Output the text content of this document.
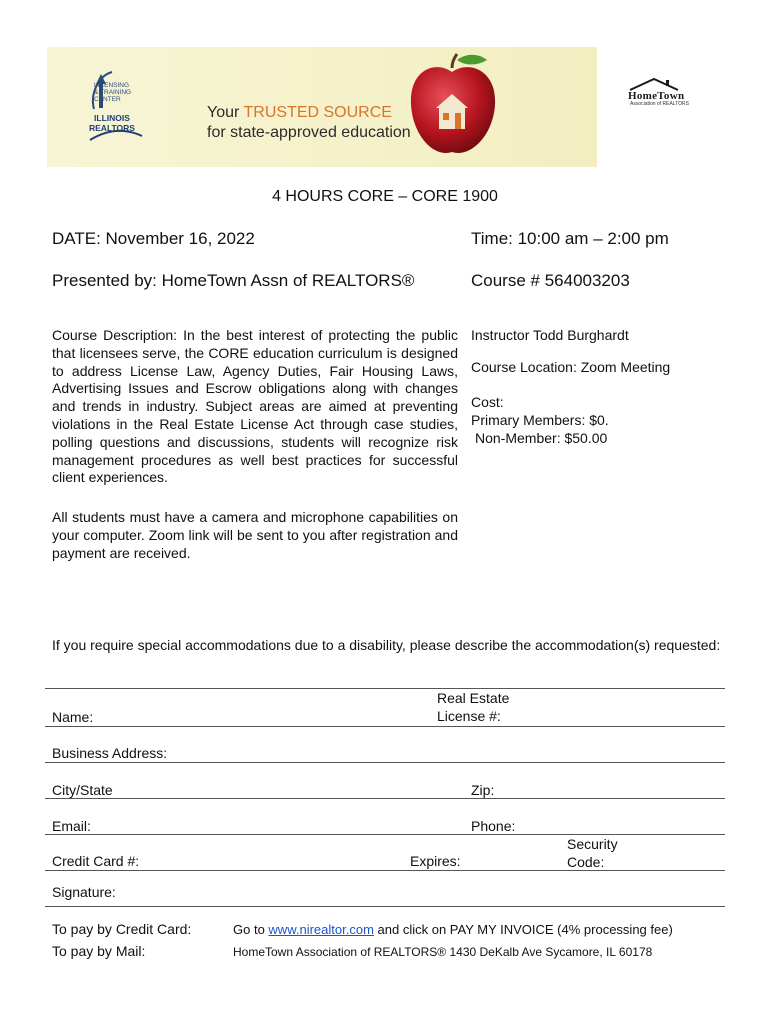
LICENSING
& TRAINING
CENTER
ILLINOIS
REALTORS
Your TRUSTED SOURCE
for state-approved education
HomeTown
Association of REALTORS
4 HOURS CORE – CORE 1900
DATE: November 16, 2022	Time: 10:00 am – 2:00 pm
Presented by: HomeTown Assn of REALTORS®	Course # 564003203
Course Description: In the best interest of protecting the public that licensees serve, the CORE education curriculum is designed to address License Law, Agency Duties, Fair Housing Laws, Advertising Issues and Escrow obligations along with changes and trends in industry. Subject areas are aimed at preventing violations in the Real Estate License Act through case studies, polling questions and discussions, students will recognize risk management procedures as well best practices for successful client experiences.
All students must have a camera and microphone capabilities on your computer. Zoom link will be sent to you after registration and payment are received.
Instructor Todd Burghardt
Course Location: Zoom Meeting
Cost:
Primary Members: $0.
Non-Member: $50.00
If you require special accommodations due to a disability, please describe the accommodation(s) requested:
Name:
Real Estate
License #:
Business Address:
City/State	Zip:
Email:	Phone:
Credit Card #:	Expires:
Security
Code:
Signature:
To pay by Credit Card:	Go to www.nirealtor.com and click on PAY MY INVOICE (4% processing fee)
To pay by Mail:	HomeTown Association of REALTORS® 1430 DeKalb Ave Sycamore, IL 60178
